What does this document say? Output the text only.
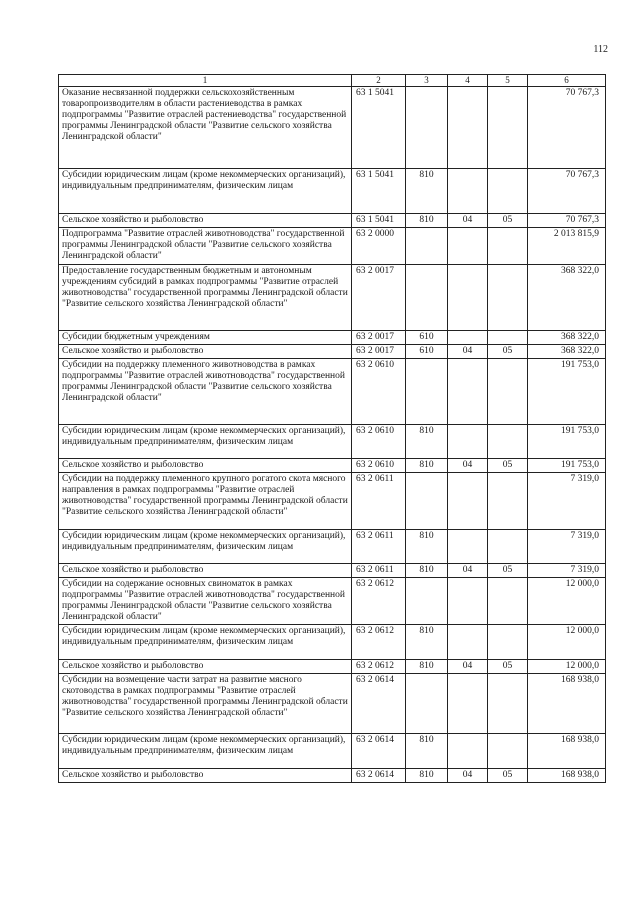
112
1	2	3	4	5	6
Оказание несвязанной поддержки сельскохозяйственным товаропроизводителям в области растениеводства в рамках подпрограммы "Развитие отраслей растениеводства" государственной программы Ленинградской области "Развитие сельского хозяйства Ленинградской области"	63 1 5041				70 767,3
Субсидии юридическим лицам (кроме некоммерческих организаций), индивидуальным предпринимателям, физическим лицам	63 1 5041	810			70 767,3
Сельское хозяйство и рыболовство	63 1 5041	810	04	05	70 767,3
Подпрограмма "Развитие отраслей животноводства" государственной программы Ленинградской области "Развитие сельского хозяйства Ленинградской области"	63 2 0000				2 013 815,9
Предоставление государственным бюджетным и автономным учреждениям субсидий в рамках подпрограммы "Развитие отраслей животноводства" государственной программы Ленинградской области "Развитие сельского хозяйства Ленинградской области"	63 2 0017				368 322,0
Субсидии бюджетным учреждениям	63 2 0017	610			368 322,0
Сельское хозяйство и рыболовство	63 2 0017	610	04	05	368 322,0
Субсидии на поддержку племенного животноводства в рамках подпрограммы "Развитие отраслей животноводства" государственной программы Ленинградской области "Развитие сельского хозяйства Ленинградской области"	63 2 0610				191 753,0
Субсидии юридическим лицам (кроме некоммерческих организаций), индивидуальным предпринимателям, физическим лицам	63 2 0610	810			191 753,0
Сельское хозяйство и рыболовство	63 2 0610	810	04	05	191 753,0
Субсидии на поддержку племенного крупного рогатого скота мясного направления в рамках подпрограммы "Развитие отраслей животноводства" государственной программы Ленинградской области "Развитие сельского хозяйства Ленинградской области"	63 2 0611				7 319,0
Субсидии юридическим лицам (кроме некоммерческих организаций), индивидуальным предпринимателям, физическим лицам	63 2 0611	810			7 319,0
Сельское хозяйство и рыболовство	63 2 0611	810	04	05	7 319,0
Субсидии на содержание основных свиноматок в рамках подпрограммы "Развитие отраслей животноводства" государственной программы Ленинградской области "Развитие сельского хозяйства Ленинградской области"	63 2 0612				12 000,0
Субсидии юридическим лицам (кроме некоммерческих организаций), индивидуальным предпринимателям, физическим лицам	63 2 0612	810			12 000,0
Сельское хозяйство и рыболовство	63 2 0612	810	04	05	12 000,0
Субсидии на возмещение части затрат на развитие мясного скотоводства в рамках подпрограммы "Развитие отраслей животноводства" государственной программы Ленинградской области "Развитие сельского хозяйства Ленинградской области"	63 2 0614				168 938,0
Субсидии юридическим лицам (кроме некоммерческих организаций), индивидуальным предпринимателям, физическим лицам	63 2 0614	810			168 938,0
Сельское хозяйство и рыболовство	63 2 0614	810	04	05	168 938,0
